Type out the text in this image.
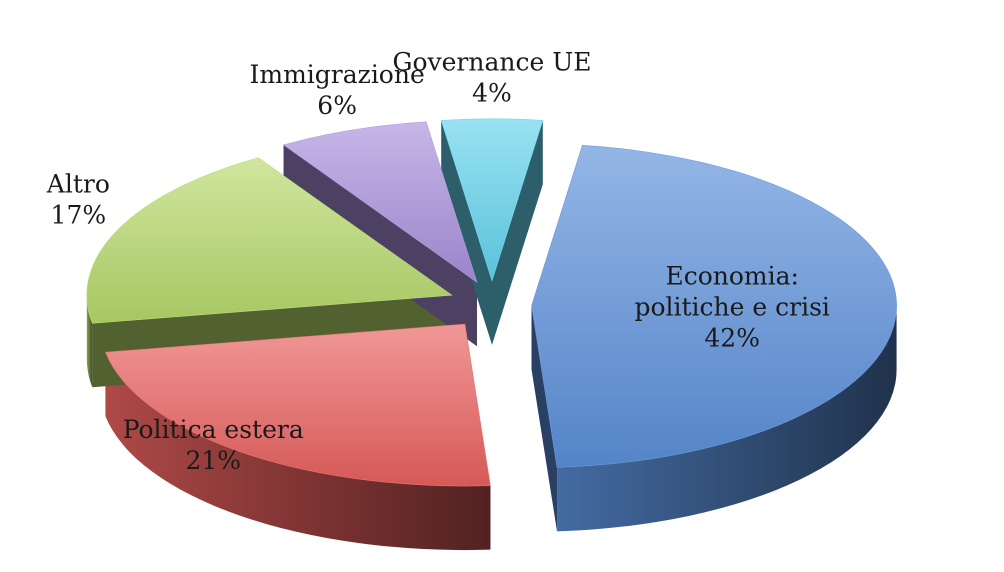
Economia:
politiche e crisi
42%
Politica estera
21%
Altro
17%
Immigrazione
6%
Governance UE
4%
